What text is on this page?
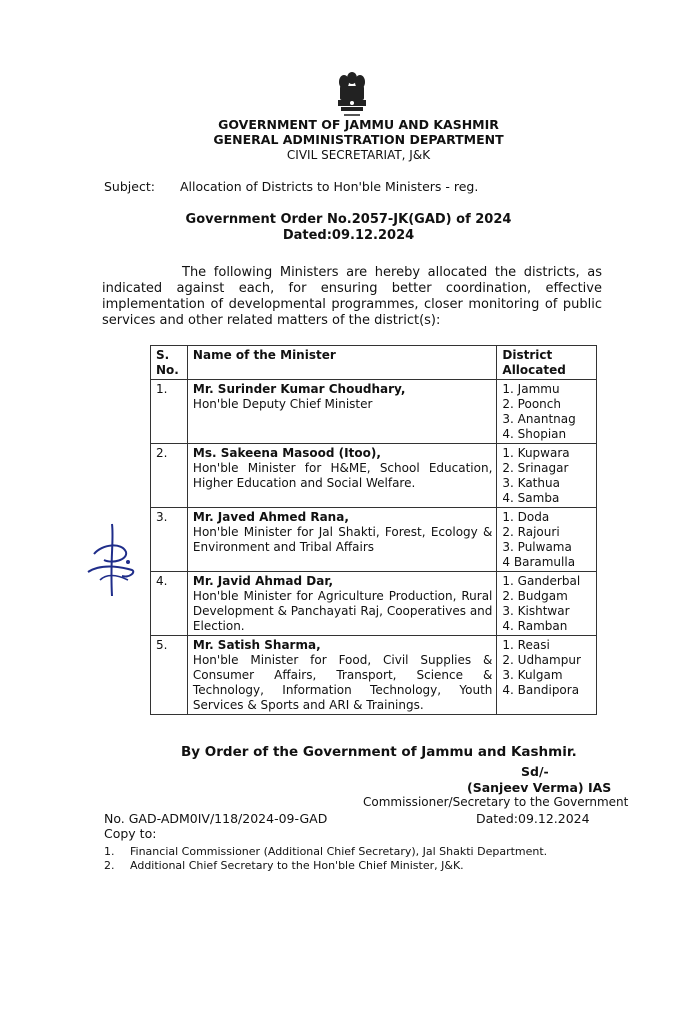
GOVERNMENT OF JAMMU AND KASHMIR
GENERAL ADMINISTRATION DEPARTMENT
CIVIL SECRETARIAT, J&K
Subject: Allocation of Districts to Hon'ble Ministers - reg.
Government Order No.2057-JK(GAD) of 2024
Dated:09.12.2024
The following Ministers are hereby allocated the districts, as indicated against each, for ensuring better coordination, effective implementation of developmental programmes, closer monitoring of public services and other related matters of the district(s):
S. No.	Name of the Minister	District Allocated
1.	Mr. Surinder Kumar Choudhary,
Hon'ble Deputy Chief Minister	1. Jammu
2. Poonch
3. Anantnag
4. Shopian

2.	Ms. Sakeena Masood (Itoo),
Hon'ble Minister for H&ME, School Education, Higher Education and Social Welfare.	1. Kupwara
2. Srinagar
3. Kathua
4. Samba

3.	Mr. Javed Ahmed Rana,
Hon'ble Minister for Jal Shakti, Forest, Ecology & Environment and Tribal Affairs	1. Doda
2. Rajouri
3. Pulwama
4 Baramulla

4.	Mr. Javid Ahmad Dar,
Hon'ble Minister for Agriculture Production, Rural Development & Panchayati Raj, Cooperatives and Election.	1. Ganderbal
2. Budgam
3. Kishtwar
4. Ramban

5.	Mr. Satish Sharma,
Hon'ble Minister for Food, Civil Supplies & Consumer Affairs, Transport, Science & Technology, Information Technology, Youth Services & Sports and ARI & Trainings.	1. Reasi
2. Udhampur
3. Kulgam
4. Bandipora
By Order of the Government of Jammu and Kashmir.
Sd/-
(Sanjeev Verma) IAS
Commissioner/Secretary to the Government
No. GAD-ADM0IV/118/2024-09-GAD	Dated:09.12.2024
Copy to:
1. Financial Commissioner (Additional Chief Secretary), Jal Shakti Department.
2. Additional Chief Secretary to the Hon'ble Chief Minister, J&K.
